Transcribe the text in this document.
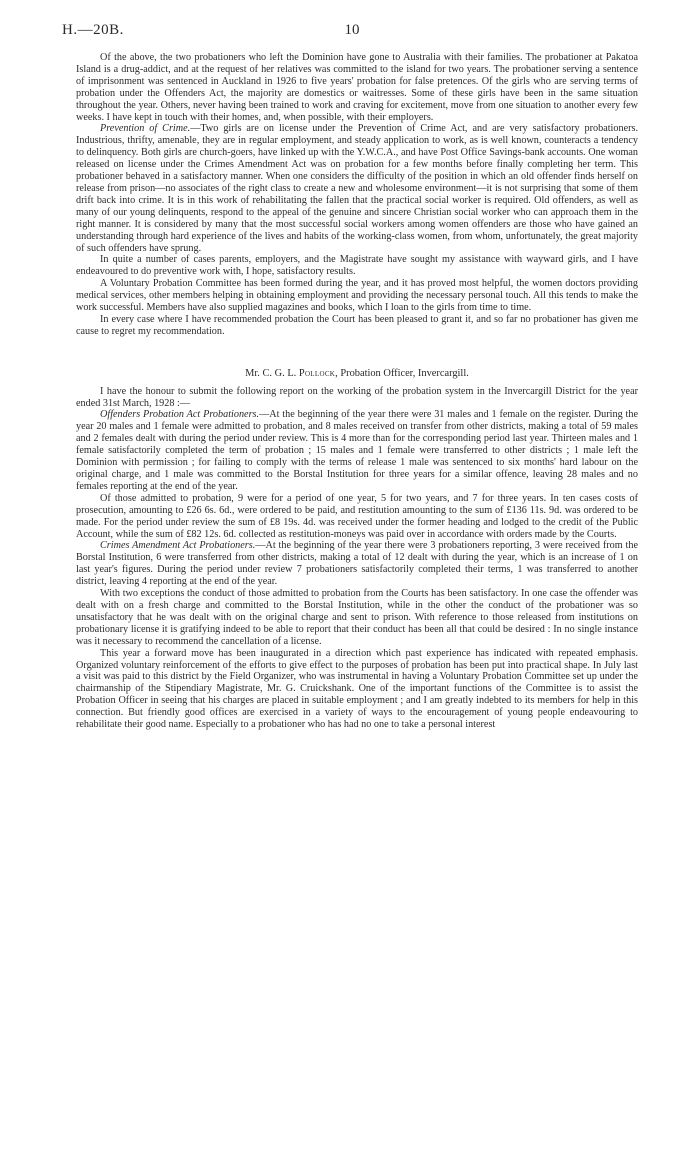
H.—20B.	10

Of the above, the two probationers who left the Dominion have gone to Australia with their families. The probationer at Pakatoa Island is a drug-addict, and at the request of her relatives was committed to the island for two years. The probationer serving a sentence of imprisonment was sentenced in Auckland in 1926 to five years' probation for false pretences. Of the girls who are serving terms of probation under the Offenders Act, the majority are domestics or waitresses. Some of these girls have been in the same situation throughout the year. Others, never having been trained to work and craving for excitement, move from one situation to another every few weeks. I have kept in touch with their homes, and, when possible, with their employers.

Prevention of Crime.—Two girls are on license under the Prevention of Crime Act, and are very satisfactory probationers. Industrious, thrifty, amenable, they are in regular employment, and steady application to work, as is well known, counteracts a tendency to delinquency. Both girls are church-goers, have linked up with the Y.W.C.A., and have Post Office Savings-bank accounts. One woman released on license under the Crimes Amendment Act was on probation for a few months before finally completing her term. This probationer behaved in a satisfactory manner. When one considers the difficulty of the position in which an old offender finds herself on release from prison—no associates of the right class to create a new and wholesome environment—it is not surprising that some of them drift back into crime. It is in this work of rehabilitating the fallen that the practical social worker is required. Old offenders, as well as many of our young delinquents, respond to the appeal of the genuine and sincere Christian social worker who can approach them in the right manner. It is considered by many that the most successful social workers among women offenders are those who have gained an understanding through hard experience of the lives and habits of the working-class women, from whom, unfortunately, the great majority of such offenders have sprung.

In quite a number of cases parents, employers, and the Magistrate have sought my assistance with wayward girls, and I have endeavoured to do preventive work with, I hope, satisfactory results.

A Voluntary Probation Committee has been formed during the year, and it has proved most helpful, the women doctors providing medical services, other members helping in obtaining employment and providing the necessary personal touch. All this tends to make the work successful. Members have also supplied magazines and books, which I loan to the girls from time to time.

In every case where I have recommended probation the Court has been pleased to grant it, and so far no probationer has given me cause to regret my recommendation.

Mr. C. G. L. Pollock, Probation Officer, Invercargill.

I have the honour to submit the following report on the working of the probation system in the Invercargill District for the year ended 31st March, 1928 :—

Offenders Probation Act Probationers.—At the beginning of the year there were 31 males and 1 female on the register. During the year 20 males and 1 female were admitted to probation, and 8 males received on transfer from other districts, making a total of 59 males and 2 females dealt with during the period under review. This is 4 more than for the corresponding period last year. Thirteen males and 1 female satisfactorily completed the term of probation ; 15 males and 1 female were transferred to other districts ; 1 male left the Dominion with permission ; for failing to comply with the terms of release 1 male was sentenced to six months' hard labour on the original charge, and 1 male was committed to the Borstal Institution for three years for a similar offence, leaving 28 males and no females reporting at the end of the year.

Of those admitted to probation, 9 were for a period of one year, 5 for two years, and 7 for three years. In ten cases costs of prosecution, amounting to £26 6s. 6d., were ordered to be paid, and restitution amounting to the sum of £136 11s. 9d. was ordered to be made. For the period under review the sum of £8 19s. 4d. was received under the former heading and lodged to the credit of the Public Account, while the sum of £82 12s. 6d. collected as restitution-moneys was paid over in accordance with orders made by the Courts.

Crimes Amendment Act Probationers.—At the beginning of the year there were 3 probationers reporting, 3 were received from the Borstal Institution, 6 were transferred from other districts, making a total of 12 dealt with during the year, which is an increase of 1 on last year's figures. During the period under review 7 probationers satisfactorily completed their terms, 1 was transferred to another district, leaving 4 reporting at the end of the year.

With two exceptions the conduct of those admitted to probation from the Courts has been satisfactory. In one case the offender was dealt with on a fresh charge and committed to the Borstal Institution, while in the other the conduct of the probationer was so unsatisfactory that he was dealt with on the original charge and sent to prison. With reference to those released from institutions on probationary license it is gratifying indeed to be able to report that their conduct has been all that could be desired : In no single instance was it necessary to recommend the cancellation of a license.

This year a forward move has been inaugurated in a direction which past experience has indicated with repeated emphasis. Organized voluntary reinforcement of the efforts to give effect to the purposes of probation has been put into practical shape. In July last a visit was paid to this district by the Field Organizer, who was instrumental in having a Voluntary Probation Committee set up under the chairmanship of the Stipendiary Magistrate, Mr. G. Cruickshank. One of the important functions of the Committee is to assist the Probation Officer in seeing that his charges are placed in suitable employment ; and I am greatly indebted to its members for help in this connection. But friendly good offices are exercised in a variety of ways to the encouragement of young people endeavouring to rehabilitate their good name. Especially to a probationer who has had no one to take a personal interest
